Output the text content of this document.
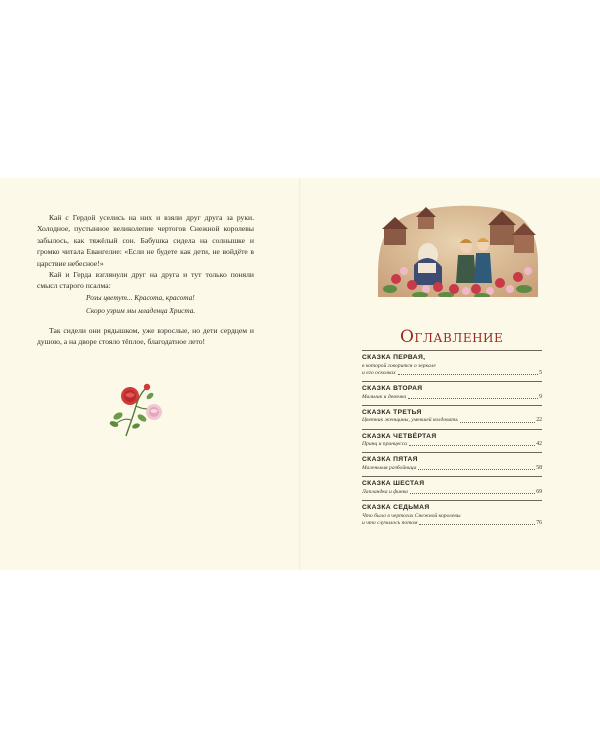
Кай с Гердой уселись на них и взяли друг друга за руки. Холодное, пустынное великолепие чертогов Снежной королевы забылось, как тяжёлый сон. Бабушка сидела на солнышке и громко читала Евангелие: «Если не будете как дети, не войдёте в царствие небесное!»

Кай и Герда взглянули друг на друга и тут только поняли смысл старого псалма:

Розы цветут... Красота, красота!
Скоро узрим мы младенца Христа.

Так сидели они рядышком, уже взрослые, но дети сердцем и душою, а на дворе стояло тёплое, благодатное лето!	Оглавление
СКАЗКА ПЕРВАЯ,
в которой говорится о зеркале
и его осколках	5
СКАЗКА ВТОРАЯ
Мальчик и девочка	9
СКАЗКА ТРЕТЬЯ
Цветник женщины, умевшей колдовать	22
СКАЗКА ЧЕТВЁРТАЯ
Принц и принцесса	42
СКАЗКА ПЯТАЯ
Маленькая разбойница	58
СКАЗКА ШЕСТАЯ
Лапландка и финка	69
СКАЗКА СЕДЬМАЯ
Что было в чертогах Снежной королевы
и что случилось потом	76
